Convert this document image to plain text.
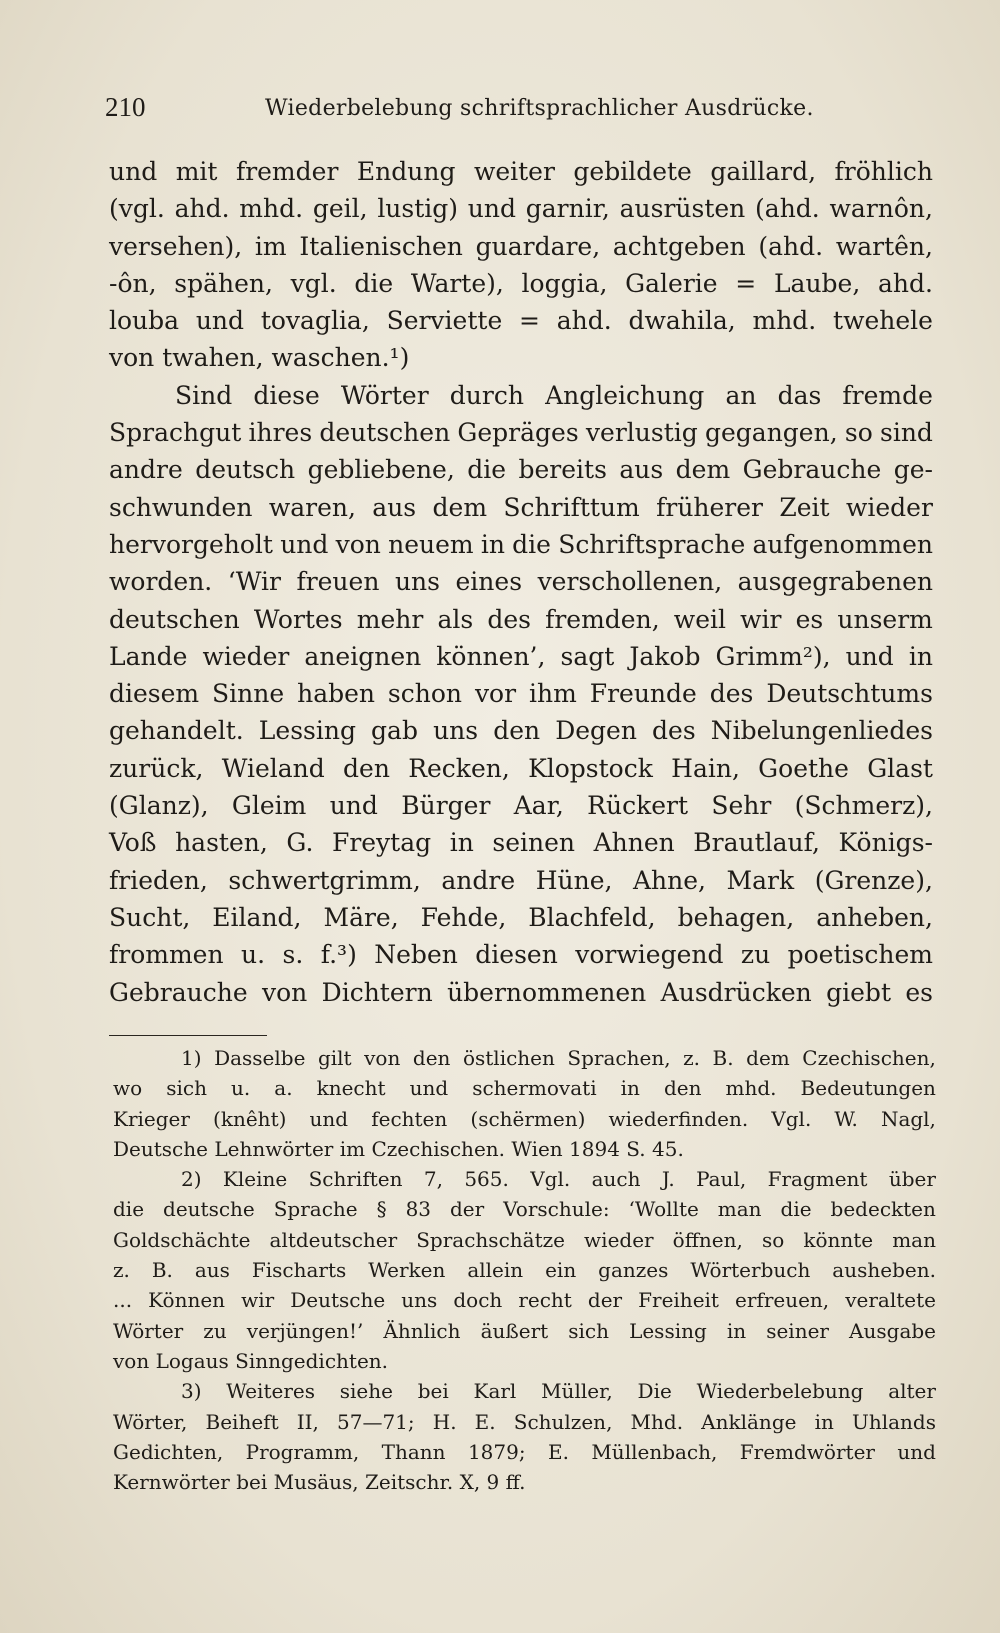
210	Wiederbelebung schriftsprachlicher Ausdrücke.
und mit fremder Endung weiter gebildete gaillard, fröhlich
(vgl. ahd. mhd. geil, lustig) und garnir, ausrüsten (ahd. warnôn,
versehen), im Italienischen guardare, achtgeben (ahd. wartên,
-ôn, spähen, vgl. die Warte), loggia, Galerie = Laube, ahd.
louba und tovaglia, Serviette = ahd. dwahila, mhd. twehele
von twahen, waschen.¹)
Sind diese Wörter durch Angleichung an das fremde
Sprachgut ihres deutschen Gepräges verlustig gegangen, so sind
andre deutsch gebliebene, die bereits aus dem Gebrauche ge-
schwunden waren, aus dem Schrifttum früherer Zeit wieder
hervorgeholt und von neuem in die Schriftsprache aufgenommen
worden. ‘Wir freuen uns eines verschollenen, ausgegrabenen
deutschen Wortes mehr als des fremden, weil wir es unserm
Lande wieder aneignen können’, sagt Jakob Grimm²), und in
diesem Sinne haben schon vor ihm Freunde des Deutschtums
gehandelt. Lessing gab uns den Degen des Nibelungenliedes
zurück, Wieland den Recken, Klopstock Hain, Goethe Glast
(Glanz), Gleim und Bürger Aar, Rückert Sehr (Schmerz),
Voß hasten, G. Freytag in seinen Ahnen Brautlauf, Königs-
frieden, schwertgrimm, andre Hüne, Ahne, Mark (Grenze),
Sucht, Eiland, Märe, Fehde, Blachfeld, behagen, anheben,
frommen u. s. f.³) Neben diesen vorwiegend zu poetischem
Gebrauche von Dichtern übernommenen Ausdrücken giebt es
1) Dasselbe gilt von den östlichen Sprachen, z. B. dem Czechischen,
wo sich u. a. knecht und schermovati in den mhd. Bedeutungen
Krieger (knêht) und fechten (schërmen) wiederfinden. Vgl. W. Nagl,
Deutsche Lehnwörter im Czechischen. Wien 1894 S. 45.
2) Kleine Schriften 7, 565. Vgl. auch J. Paul, Fragment über
die deutsche Sprache § 83 der Vorschule: ‘Wollte man die bedeckten
Goldschächte altdeutscher Sprachschätze wieder öffnen, so könnte man
z. B. aus Fischarts Werken allein ein ganzes Wörterbuch ausheben.
... Können wir Deutsche uns doch recht der Freiheit erfreuen, veraltete
Wörter zu verjüngen!’ Ähnlich äußert sich Lessing in seiner Ausgabe
von Logaus Sinngedichten.
3) Weiteres siehe bei Karl Müller, Die Wiederbelebung alter
Wörter, Beiheft II, 57—71; H. E. Schulzen, Mhd. Anklänge in Uhlands
Gedichten, Programm, Thann 1879; E. Müllenbach, Fremdwörter und
Kernwörter bei Musäus, Zeitschr. X, 9 ff.
